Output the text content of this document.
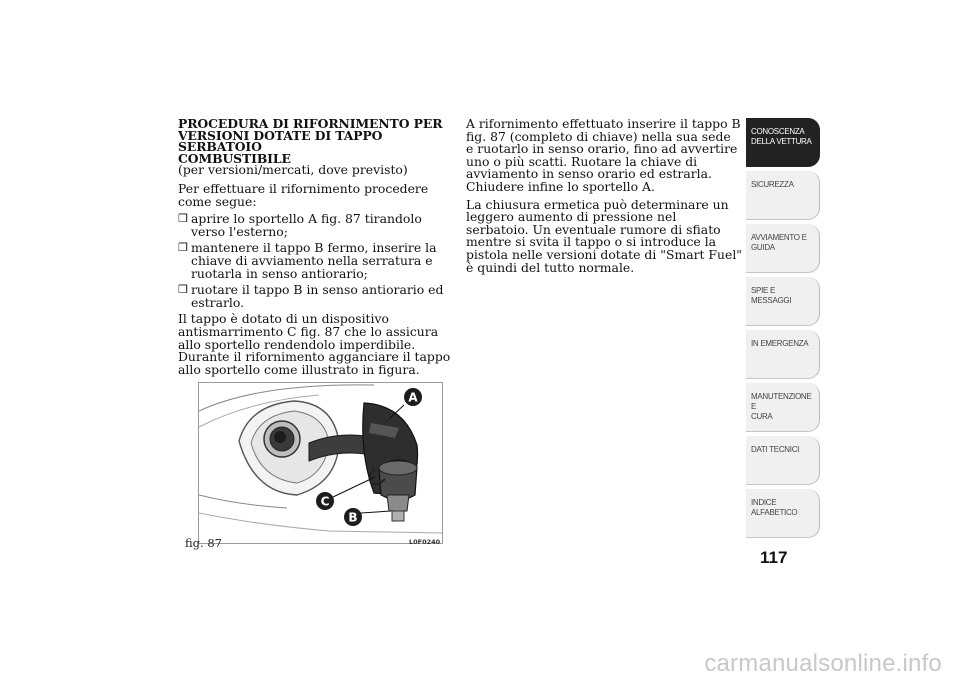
PROCEDURA DI RIFORNIMENTO PER
VERSIONI DOTATE DI TAPPO SERBATOIO
COMBUSTIBILE

(per versioni/mercati, dove previsto)

Per effettuare il rifornimento procedere come segue:

❒ aprire lo sportello A fig. 87 tirandolo verso l'esterno;
❒ mantenere il tappo B fermo, inserire la chiave di avviamento nella serratura e ruotarla in senso antiorario;
❒ ruotare il tappo B in senso antiorario ed estrarlo.

Il tappo è dotato di un dispositivo antismarrimento C fig. 87 che lo assicura allo sportello rendendolo imperdibile. Durante il rifornimento agganciare il tappo allo sportello come illustrato in figura.

A rifornimento effettuato inserire il tappo B fig. 87 (completo di chiave) nella sua sede e ruotarlo in senso orario, fino ad avvertire uno o più scatti. Ruotare la chiave di avviamento in senso orario ed estrarla. Chiudere infine lo sportello A.

La chiusura ermetica può determinare un leggero aumento di pressione nel serbatoio. Un eventuale rumore di sfiato mentre si svita il tappo o si introduce la pistola nelle versioni dotate di "Smart Fuel" è quindi del tutto normale.

A
C
B
fig. 87	L0F0240
CONOSCENZA
DELLA VETTURA
SICUREZZA
AVVIAMENTO E
GUIDA
SPIE E MESSAGGI
IN EMERGENZA
MANUTENZIONE E
CURA
DATI TECNICI
INDICE
ALFABETICO
117
carmanualsonline.info
